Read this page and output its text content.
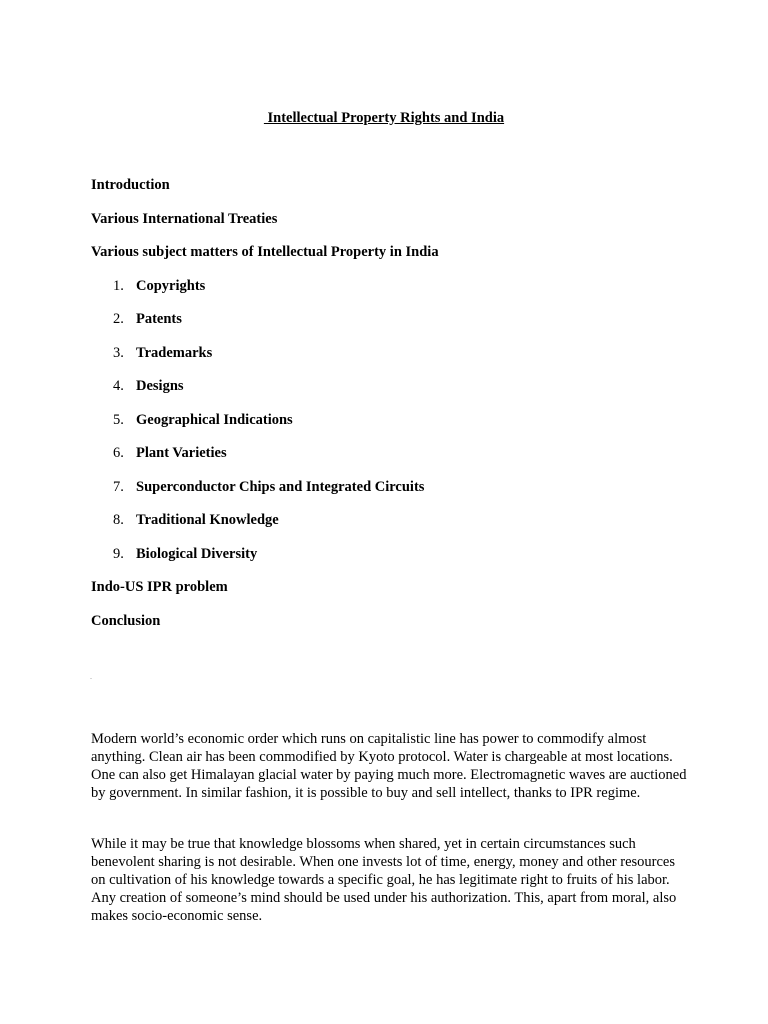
Intellectual Property Rights and India

Introduction

Various International Treaties

Various subject matters of Intellectual Property in India

1. Copyrights
2. Patents
3. Trademarks
4. Designs
5. Geographical Indications
6. Plant Varieties
7. Superconductor Chips and Integrated Circuits
8. Traditional Knowledge
9. Biological Diversity

Indo-US IPR problem

Conclusion

.

Modern world’s economic order which runs on capitalistic line has power to commodify almost anything. Clean air has been commodified by Kyoto protocol. Water is chargeable at most locations. One can also get Himalayan glacial water by paying much more. Electromagnetic waves are auctioned by government. In similar fashion, it is possible to buy and sell intellect, thanks to IPR regime.

While it may be true that knowledge blossoms when shared, yet in certain circumstances such benevolent sharing is not desirable. When one invests lot of time, energy, money and other resources on cultivation of his knowledge towards a specific goal, he has legitimate right to fruits of his labor. Any creation of someone’s mind should be used under his authorization. This, apart from moral, also makes socio-economic sense.
